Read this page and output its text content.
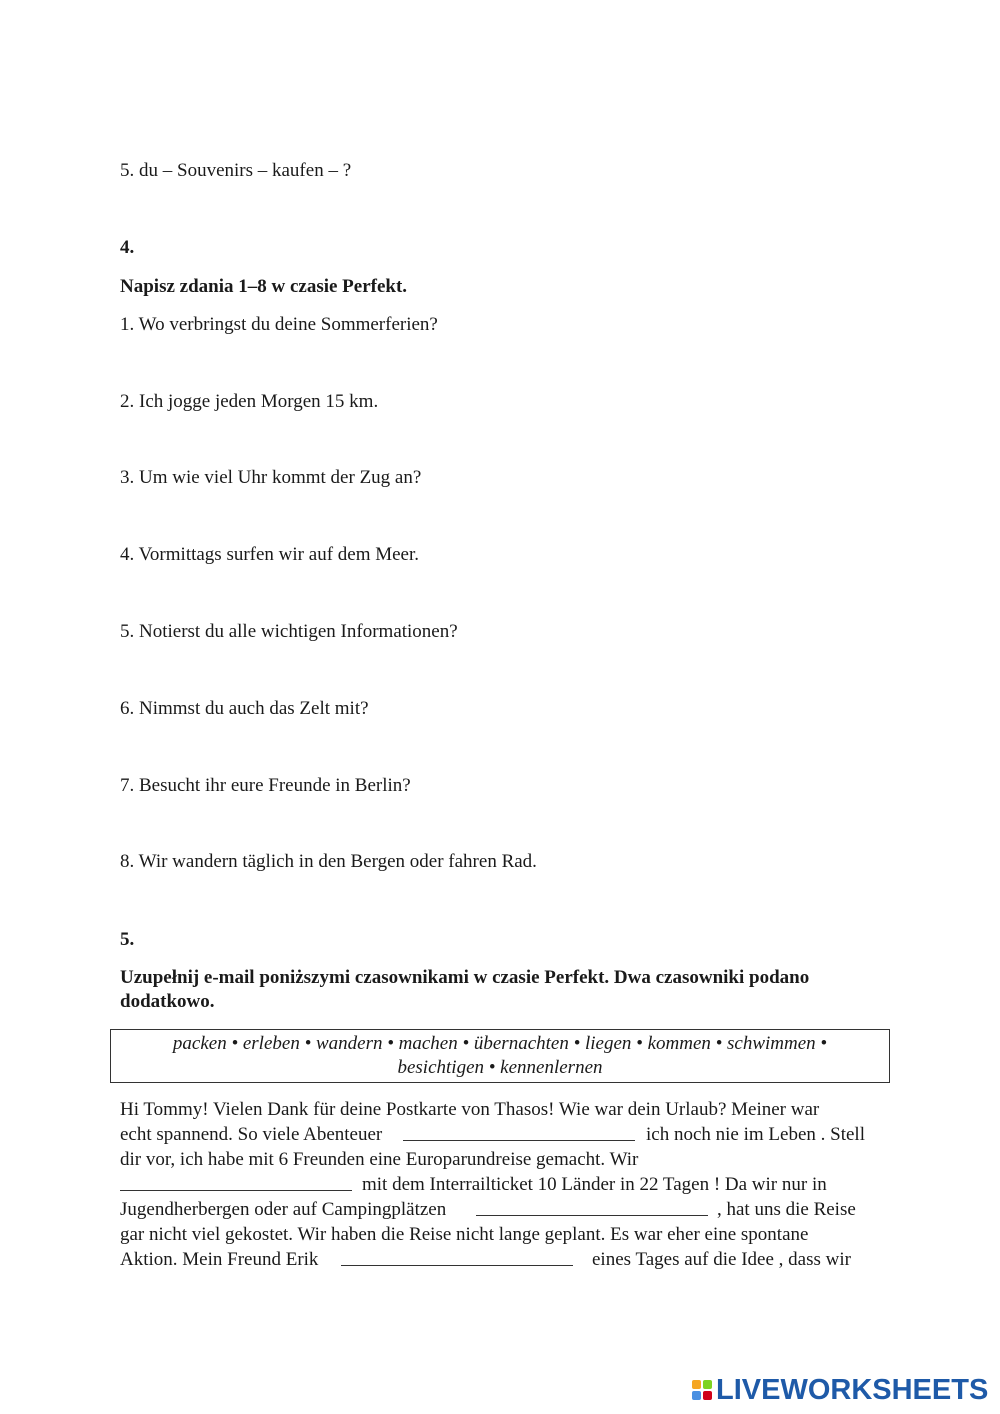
5. du – Souvenirs – kaufen – ?
4.
Napisz zdania 1–8 w czasie Perfekt.
1. Wo verbringst du deine Sommerferien?
2. Ich jogge jeden Morgen 15 km.
3. Um wie viel Uhr kommt der Zug an?
4. Vormittags surfen wir auf dem Meer.
5. Notierst du alle wichtigen Informationen?
6. Nimmst du auch das Zelt mit?
7. Besucht ihr eure Freunde in Berlin?
8. Wir wandern täglich in den Bergen oder fahren Rad.
5.
Uzupełnij e-mail poniższymi czasownikami w czasie Perfekt. Dwa czasowniki podano
dodatkowo.
packen • erleben • wandern • machen • übernachten • liegen • kommen • schwimmen •
besichtigen • kennenlernen
Hi Tommy! Vielen Dank für deine Postkarte von Thasos! Wie war dein Urlaub? Meiner war
echt spannend. So viele Abenteuer	ich noch nie im Leben . Stell
dir vor, ich habe mit 6 Freunden eine Europarundreise gemacht. Wir
mit dem Interrailticket 10 Länder in 22 Tagen ! Da wir nur in
Jugendherbergen oder auf Campingplätzen	, hat uns die Reise
gar nicht viel gekostet. Wir haben die Reise nicht lange geplant. Es war eher eine spontane
Aktion. Mein Freund Erik	eines Tages auf die Idee , dass wir
LIVEWORKSHEETS
